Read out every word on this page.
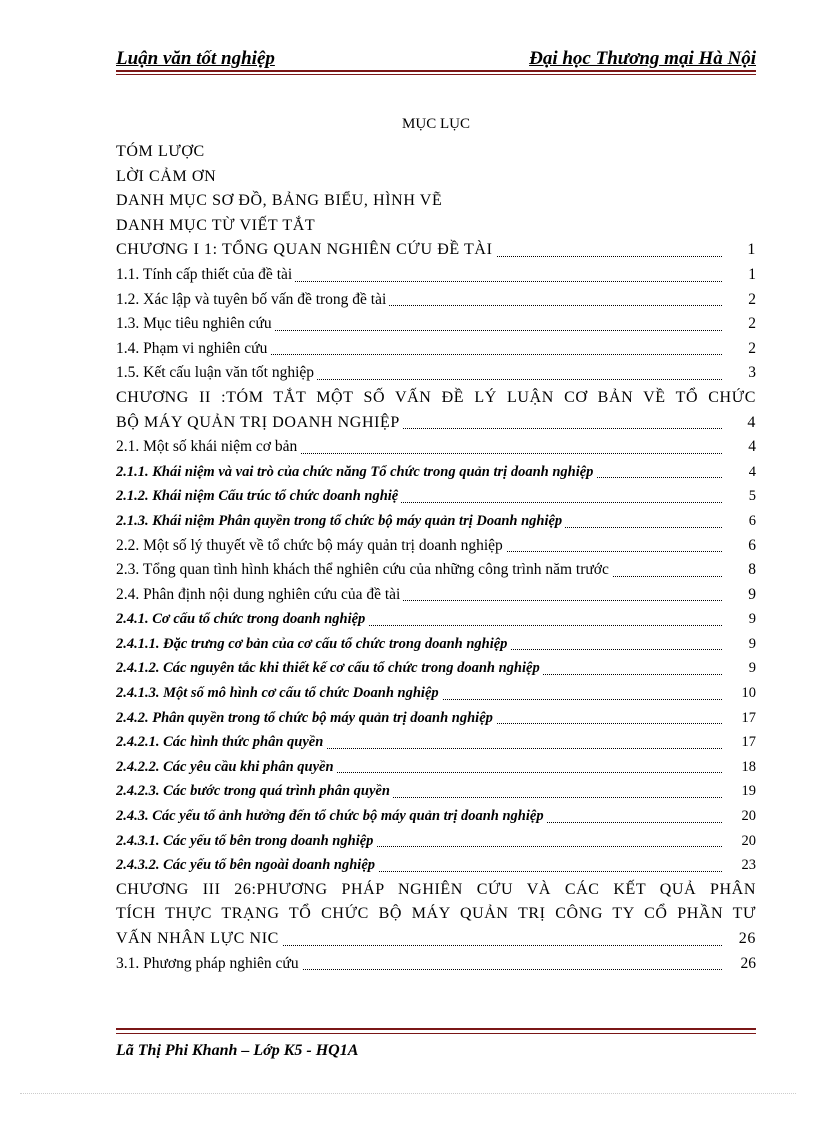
Luận văn tốt nghiệp	Đại học Thương mại Hà Nội
MỤC LỤC
TÓM LƯỢC
LỜI CẢM ƠN
DANH MỤC SƠ ĐỒ, BẢNG BIỂU, HÌNH VẼ
DANH MỤC TỪ VIẾT TẮT
CHƯƠNG I 1: TỔNG QUAN NGHIÊN CỨU ĐỀ TÀI	1
1.1. Tính cấp thiết của đề tài	1
1.2. Xác lập và tuyên bố vấn đề trong đề tài	2
1.3. Mục tiêu nghiên cứu	2
1.4. Phạm vi nghiên cứu	2
1.5. Kết cấu luận văn tốt nghiệp	3
CHƯƠNG II :TÓM TẮT MỘT SỐ VẤN ĐỀ LÝ LUẬN CƠ BẢN VỀ TỔ CHỨC
BỘ MÁY QUẢN TRỊ DOANH NGHIỆP	4
2.1. Một số khái niệm cơ bản	4
2.1.1. Khái niệm và vai trò của chức năng Tổ chức trong quản trị doanh nghiệp	4
2.1.2. Khái niệm Cấu trúc tổ chức doanh nghiệ	5
2.1.3. Khái niệm Phân quyền trong tổ chức bộ máy quản trị Doanh nghiệp	6
2.2. Một số lý thuyết về tổ chức bộ máy quản trị doanh nghiệp	6
2.3. Tổng quan tình hình khách thể nghiên cứu của những công trình năm trước	8
2.4. Phân định nội dung nghiên cứu của đề tài	9
2.4.1. Cơ cấu tổ chức trong doanh nghiệp	9
2.4.1.1. Đặc trưng cơ bản của cơ cấu tổ chức trong doanh nghiệp	9
2.4.1.2. Các nguyên tắc khi thiết kế cơ cấu tổ chức trong doanh nghiệp	9
2.4.1.3. Một số mô hình cơ cấu tổ chức Doanh nghiệp	10
2.4.2. Phân quyền trong tổ chức bộ máy quản trị doanh nghiệp	17
2.4.2.1. Các hình thức phân quyền	17
2.4.2.2. Các yêu cầu khi phân quyền	18
2.4.2.3. Các bước trong quá trình phân quyền	19
2.4.3. Các yếu tố ảnh hưởng đến tổ chức bộ máy quản trị doanh nghiệp	20
2.4.3.1. Các yếu tố bên trong doanh nghiệp	20
2.4.3.2. Các yếu tố bên ngoài doanh nghiệp	23
CHƯƠNG III 26:PHƯƠNG PHÁP NGHIÊN CỨU VÀ CÁC KẾT QUẢ PHÂN
TÍCH THỰC TRẠNG TỔ CHỨC BỘ MÁY QUẢN TRỊ CÔNG TY CỔ PHẦN TƯ
VẤN NHÂN LỰC NIC	26
3.1. Phương pháp nghiên cứu	26
Lã Thị Phi Khanh – Lớp K5 - HQ1A
